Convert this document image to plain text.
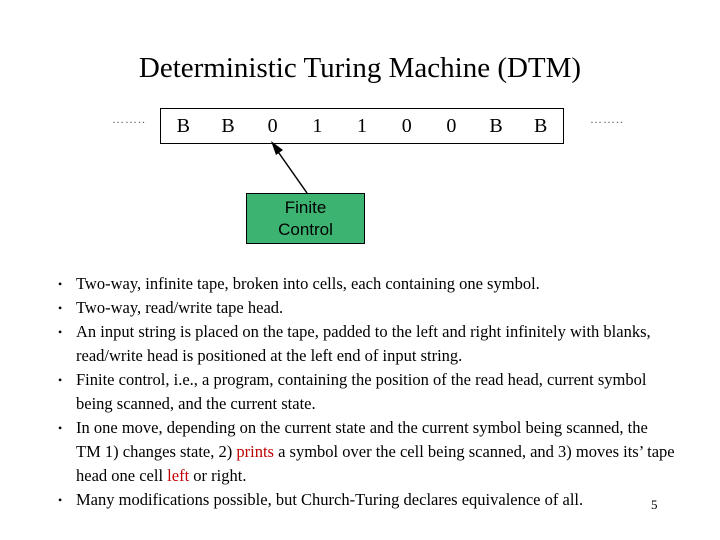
Deterministic Turing Machine (DTM)
……..	……..
B	B	0	1	1	0	0	B	B
Finite
Control
• Two-way, infinite tape, broken into cells, each containing one symbol.
• Two-way, read/write tape head.
• An input string is placed on the tape, padded to the left and right infinitely with blanks, read/write head is positioned at the left end of input string.
• Finite control, i.e., a program, containing the position of the read head, current symbol being scanned, and the current state.
• In one move, depending on the current state and the current symbol being scanned, the TM 1) changes state, 2) prints a symbol over the cell being scanned, and 3) moves its’ tape head one cell left or right.
• Many modifications possible, but Church-Turing declares equivalence of all.	5
